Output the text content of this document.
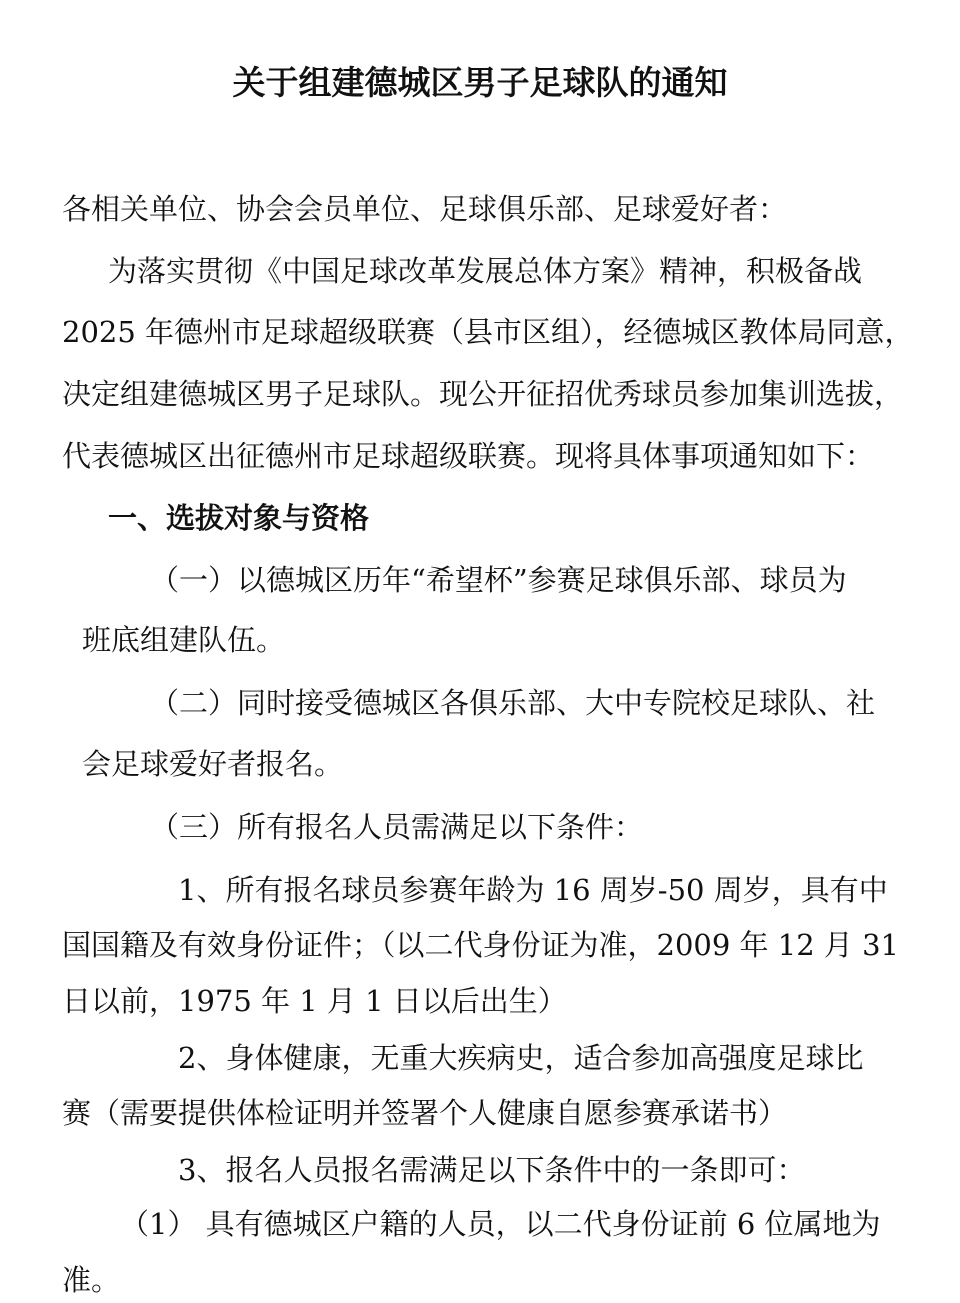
关于组建德城区男子足球队的通知
各相关单位、协会会员单位、足球俱乐部、足球爱好者：
为落实贯彻《中国足球改革发展总体方案》精神，积极备战
2025 年德州市足球超级联赛（县市区组），经德城区教体局同意，
决定组建德城区男子足球队。现公开征招优秀球员参加集训选拔，
代表德城区出征德州市足球超级联赛。现将具体事项通知如下：
一、选拔对象与资格
（一）以德城区历年“希望杯”参赛足球俱乐部、球员为
班底组建队伍。
（二）同时接受德城区各俱乐部、大中专院校足球队、社
会足球爱好者报名。
（三）所有报名人员需满足以下条件：
1、所有报名球员参赛年龄为 16 周岁-50 周岁，具有中
国国籍及有效身份证件；（以二代身份证为准，2009 年 12 月 31
日以前，1975 年 1 月 1 日以后出生）
2、身体健康，无重大疾病史，适合参加高强度足球比
赛（需要提供体检证明并签署个人健康自愿参赛承诺书）
3、报名人员报名需满足以下条件中的一条即可：
（1） 具有德城区户籍的人员，以二代身份证前 6 位属地为
准。
